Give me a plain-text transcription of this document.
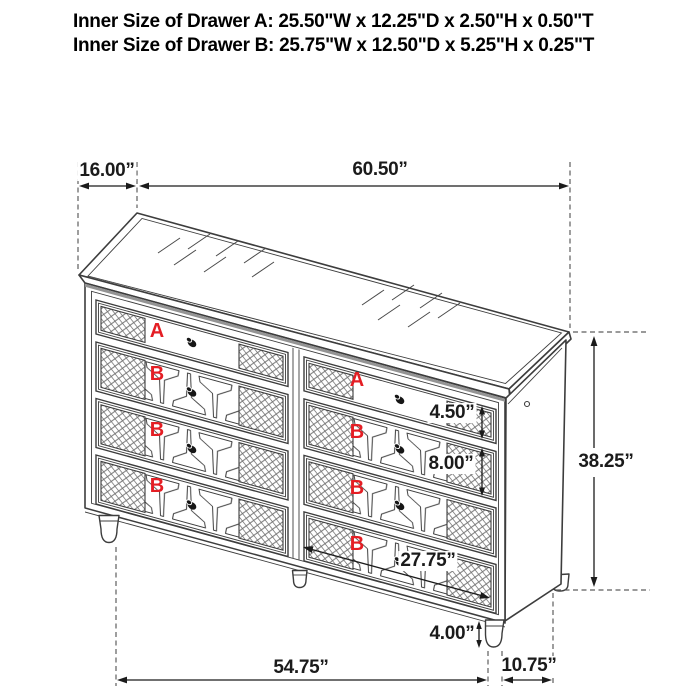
Inner Size of Drawer A: 25.50"W x 12.25"D x 2.50"H x 0.50"T
Inner Size of Drawer B: 25.75"W x 12.50"D x 5.25"H x 0.25"T
16.00”	60.50”
4.50”
8.00”	38.25”
27.75”
4.00”
54.75”	10.75”
A
B
B
B
A
B
B
B
